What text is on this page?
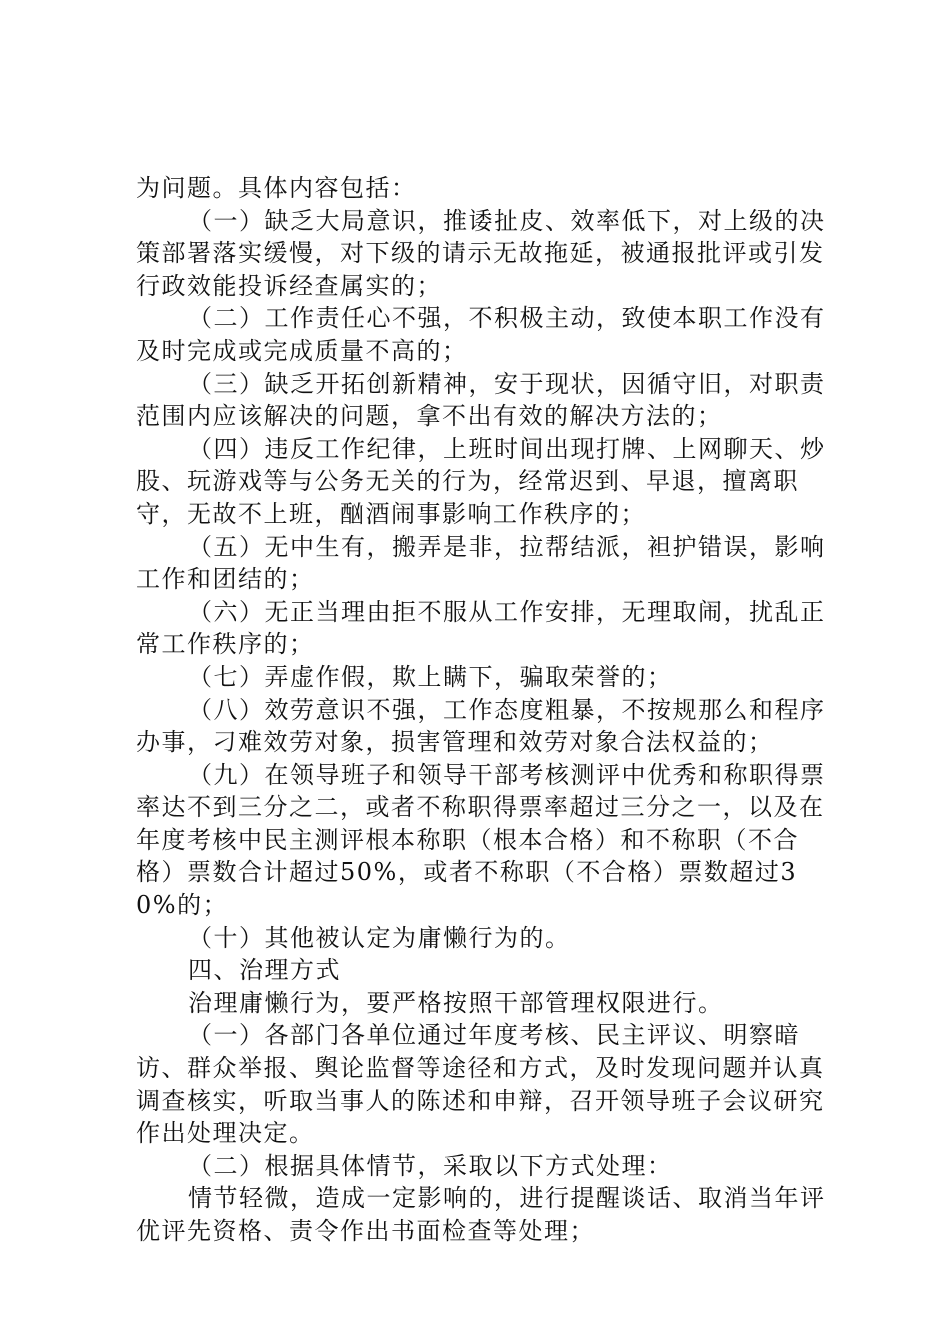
为问题。具体内容包括：

（一）缺乏大局意识，推诿扯皮、效率低下，对上级的决策部署落实缓慢，对下级的请示无故拖延，被通报批评或引发行政效能投诉经查属实的；

（二）工作责任心不强，不积极主动，致使本职工作没有及时完成或完成质量不高的；

（三）缺乏开拓创新精神，安于现状，因循守旧，对职责范围内应该解决的问题，拿不出有效的解决方法的；

（四）违反工作纪律，上班时间出现打牌、上网聊天、炒股、玩游戏等与公务无关的行为，经常迟到、早退，擅离职守，无故不上班，酗酒闹事影响工作秩序的；

（五）无中生有，搬弄是非，拉帮结派，袒护错误，影响工作和团结的；

（六）无正当理由拒不服从工作安排，无理取闹，扰乱正常工作秩序的；

（七）弄虚作假，欺上瞒下，骗取荣誉的；

（八）效劳意识不强，工作态度粗暴，不按规那么和程序办事，刁难效劳对象，损害管理和效劳对象合法权益的；

（九）在领导班子和领导干部考核测评中优秀和称职得票率达不到三分之二，或者不称职得票率超过三分之一，以及在年度考核中民主测评根本称职（根本合格）和不称职（不合格）票数合计超过50%，或者不称职（不合格）票数超过30%的；

（十）其他被认定为庸懒行为的。

四、治理方式

治理庸懒行为，要严格按照干部管理权限进行。

（一）各部门各单位通过年度考核、民主评议、明察暗访、群众举报、舆论监督等途径和方式，及时发现问题并认真调查核实，听取当事人的陈述和申辩，召开领导班子会议研究作出处理决定。

（二）根据具体情节，采取以下方式处理：

情节轻微，造成一定影响的，进行提醒谈话、取消当年评优评先资格、责令作出书面检查等处理；
